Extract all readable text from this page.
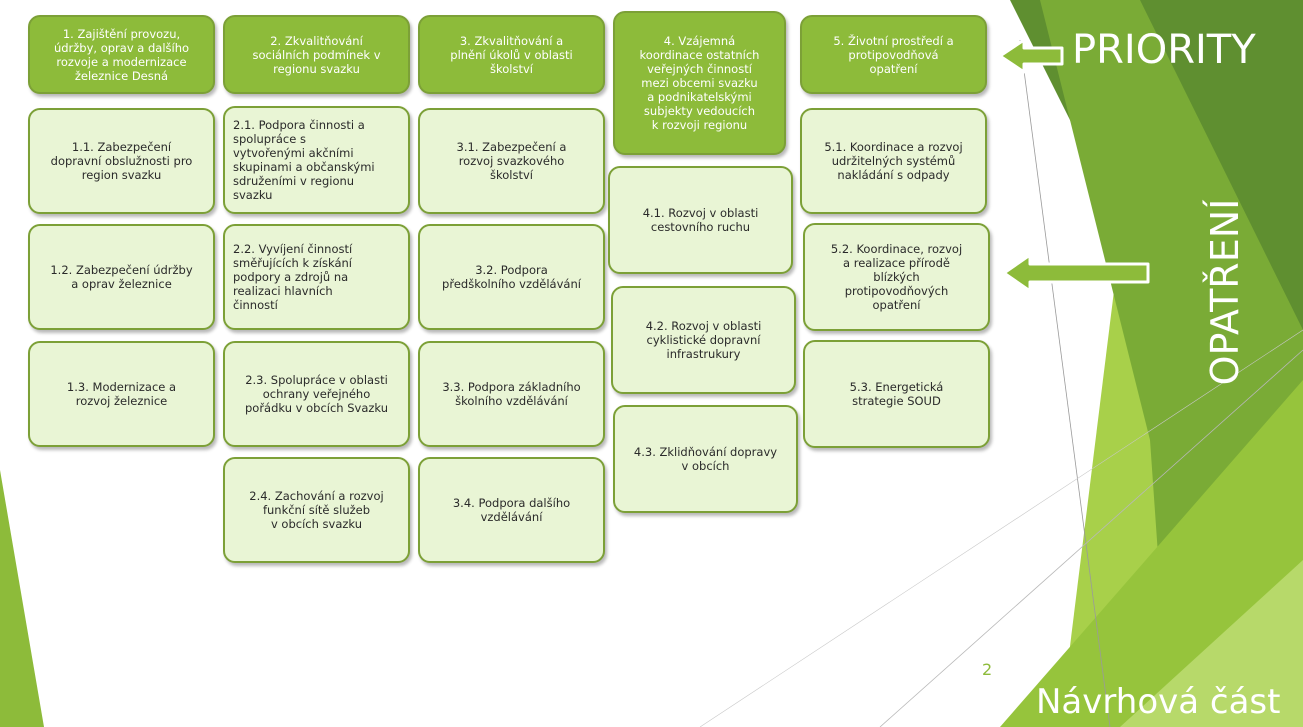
1. Zajištění provozu,
údržby, oprav a dalšího
rozvoje a modernizace
železnice Desná
1.1. Zabezpečení
dopravní obslužnosti pro
region svazku
1.2. Zabezpečení údržby
a oprav železnice
1.3. Modernizace a
rozvoj železnice
2. Zkvalitňování
sociálních podmínek v
regionu svazku
2.1. Podpora činnosti a
spolupráce s
vytvořenými akčními
skupinami a občanskými
sdruženími v regionu
svazku
2.2. Vyvíjení činností
směřujících k získání
podpory a zdrojů na
realizaci hlavních
činností
2.3. Spolupráce v oblasti
ochrany veřejného
pořádku v obcích Svazku
2.4. Zachování a rozvoj
funkční sítě služeb
v obcích svazku
3. Zkvalitňování a
plnění úkolů v oblasti
školství
3.1. Zabezpečení a
rozvoj svazkového
školství
3.2. Podpora
předškolního vzdělávání
3.3. Podpora základního
školního vzdělávání
3.4. Podpora dalšího
vzdělávání
4. Vzájemná
koordinace ostatních
veřejných činností
mezi obcemi svazku
a podnikatelskými
subjekty vedoucích
k rozvoji regionu
4.1. Rozvoj v oblasti
cestovního ruchu
4.2. Rozvoj v oblasti
cyklistické dopravní
infrastrukury
4.3. Zklidňování dopravy
v obcích
5. Životní prostředí a
protipovodňová
opatření
5.1. Koordinace a rozvoj
udržitelných systémů
nakládání s odpady
5.2. Koordinace, rozvoj
a realizace přírodě
blízkých
protipovodňových
opatření
5.3. Energetická
strategie SOUD
PRIORITY
OPATŘENÍ
Návrhová část
2
